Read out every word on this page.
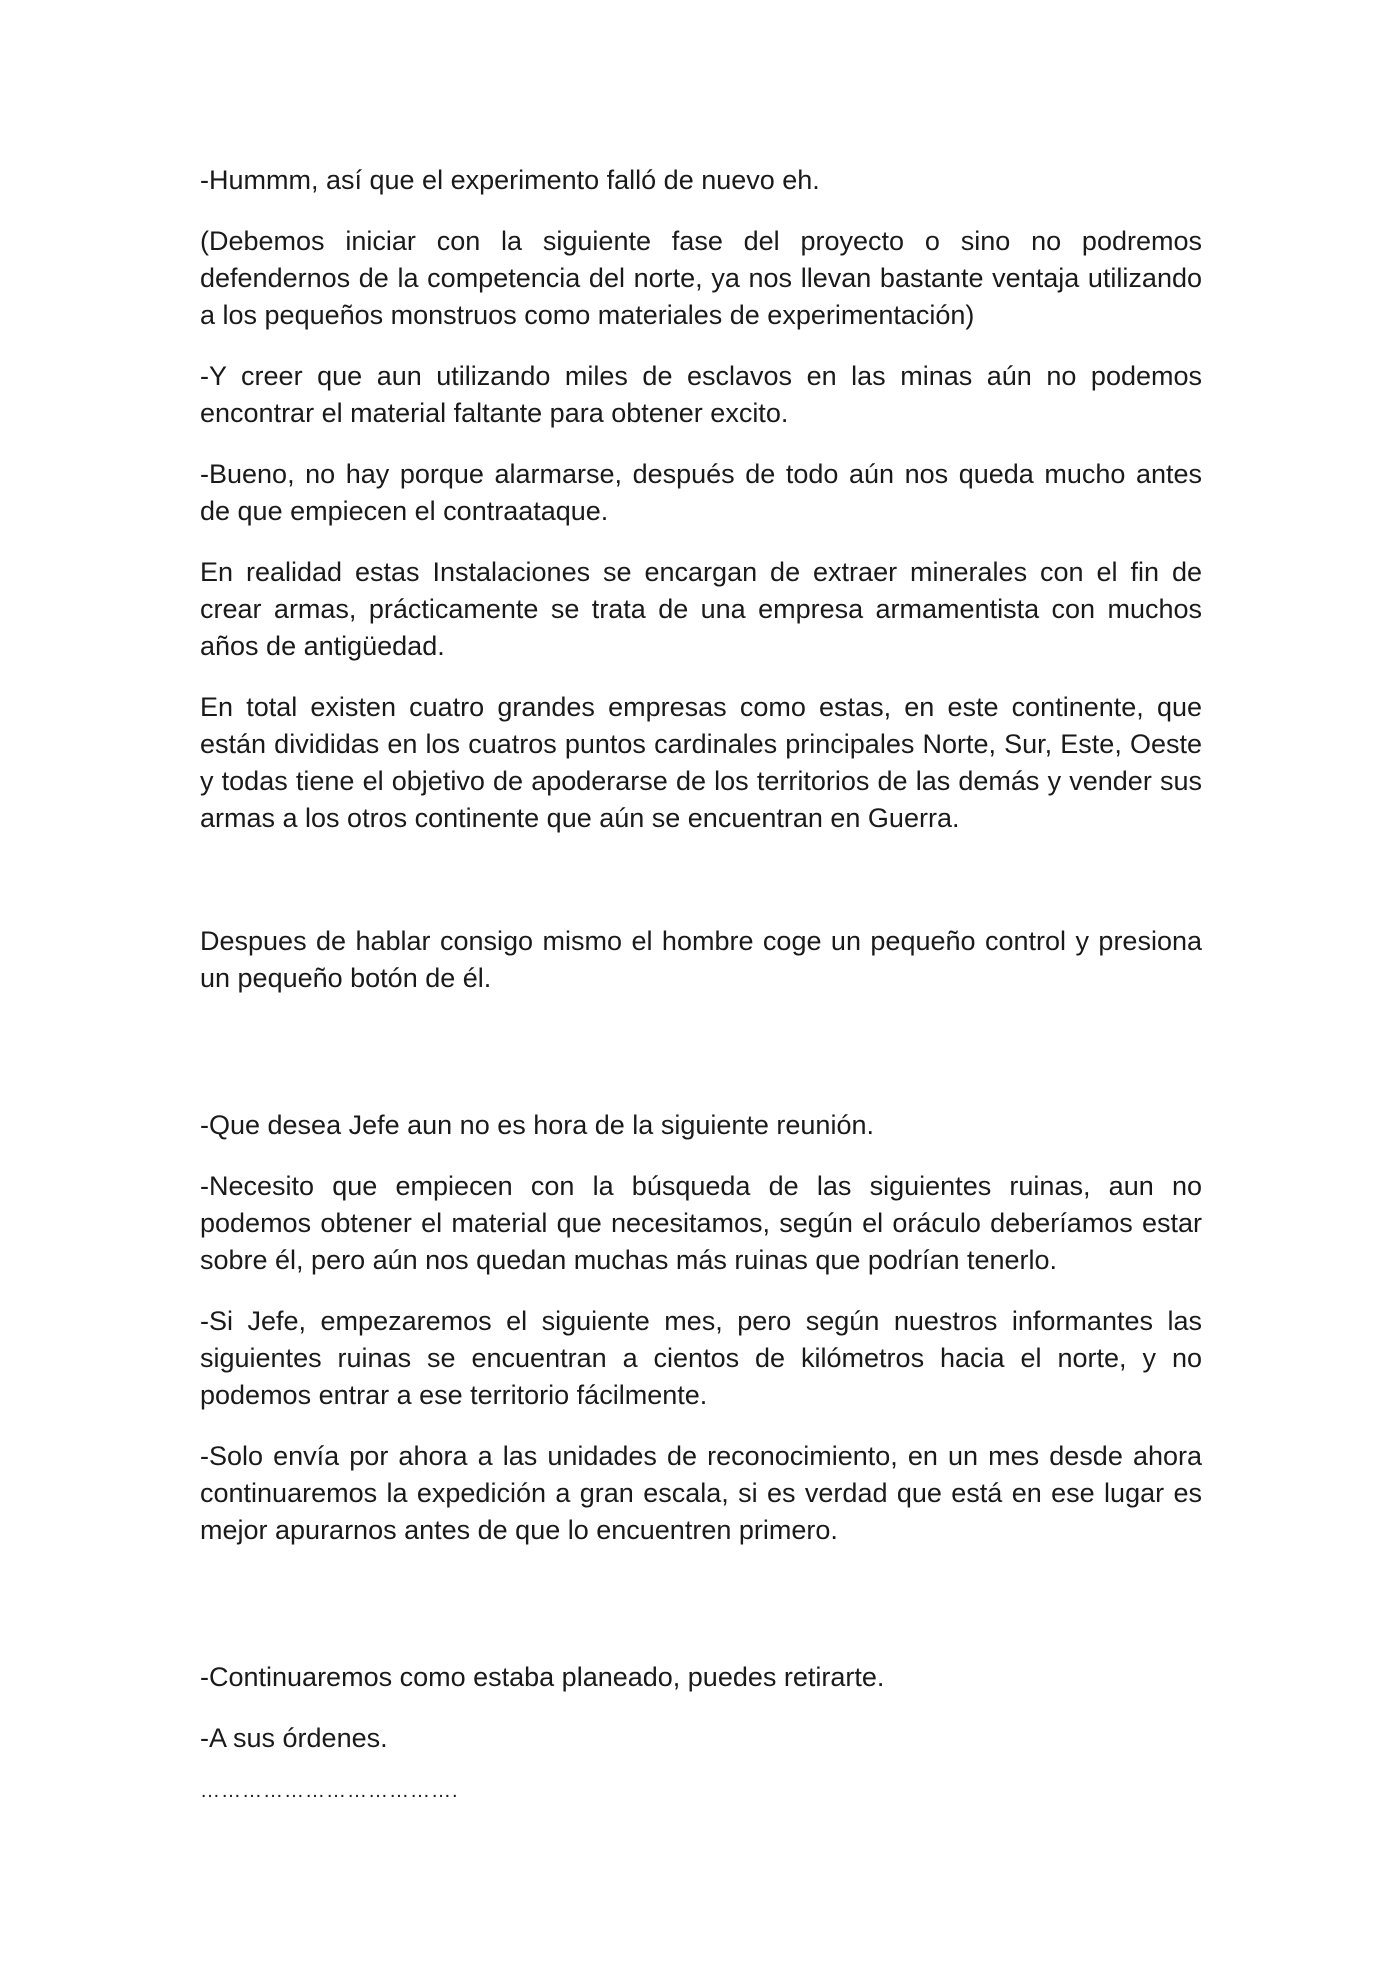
-Hummm, así que el experimento falló de nuevo eh.

(Debemos iniciar con la siguiente fase del proyecto o sino no podremos defendernos de la competencia del norte, ya nos llevan bastante ventaja utilizando a los pequeños monstruos como materiales de experimentación)

-Y creer que aun utilizando miles de esclavos en las minas aún no podemos encontrar el material faltante para obtener excito.

-Bueno, no hay porque alarmarse, después de todo aún nos queda mucho antes de que empiecen el contraataque.

En realidad estas Instalaciones se encargan de extraer minerales con el fin de crear armas, prácticamente se trata de una empresa armamentista con muchos años de antigüedad.

En total existen cuatro grandes empresas como estas, en este continente, que están divididas en los cuatros puntos cardinales principales Norte, Sur, Este, Oeste y todas tiene el objetivo de apoderarse de los territorios de las demás y vender sus armas a los otros continente que aún se encuentran en Guerra.

Despues de hablar consigo mismo el hombre coge un pequeño control y presiona un pequeño botón de él.

-Que desea Jefe aun no es hora de la siguiente reunión.

-Necesito que empiecen con la búsqueda de las siguientes ruinas, aun no podemos obtener el material que necesitamos, según el oráculo deberíamos estar sobre él, pero aún nos quedan muchas más ruinas que podrían tenerlo.

-Si Jefe, empezaremos el siguiente mes, pero según nuestros informantes las siguientes ruinas se encuentran a cientos de kilómetros hacia el norte, y no podemos entrar a ese territorio fácilmente.

-Solo envía por ahora a las unidades de reconocimiento, en un mes desde ahora continuaremos la expedición a gran escala, si es verdad que está en ese lugar es mejor apurarnos antes de que lo encuentren primero.

-Continuaremos como estaba planeado, puedes retirarte.

-A sus órdenes.

……………………………….
